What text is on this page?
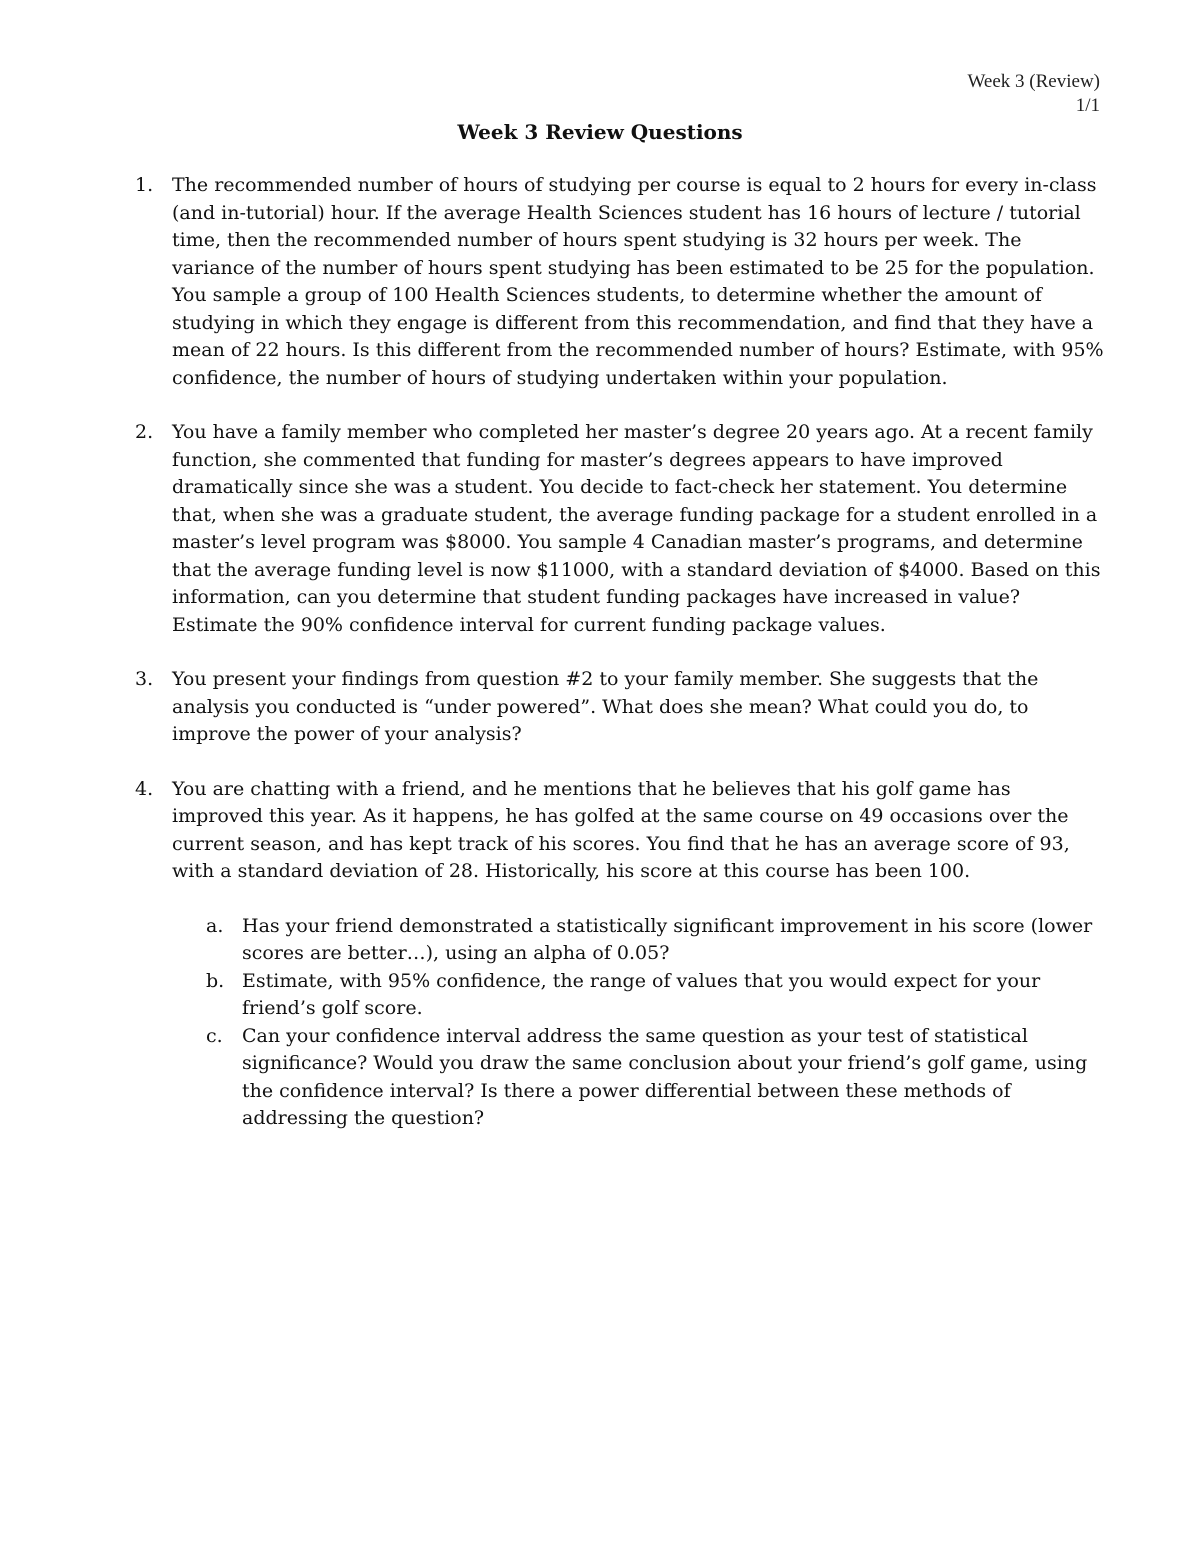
Week 3 (Review)
1/1
Week 3 Review Questions
1. The recommended number of hours of studying per course is equal to 2 hours for every in-class (and in-tutorial) hour. If the average Health Sciences student has 16 hours of lecture / tutorial time, then the recommended number of hours spent studying is 32 hours per week. The variance of the number of hours spent studying has been estimated to be 25 for the population. You sample a group of 100 Health Sciences students, to determine whether the amount of studying in which they engage is different from this recommendation, and find that they have a mean of 22 hours. Is this different from the recommended number of hours? Estimate, with 95% confidence, the number of hours of studying undertaken within your population.
2. You have a family member who completed her master’s degree 20 years ago. At a recent family function, she commented that funding for master’s degrees appears to have improved dramatically since she was a student. You decide to fact-check her statement. You determine that, when she was a graduate student, the average funding package for a student enrolled in a master’s level program was $8000. You sample 4 Canadian master’s programs, and determine that the average funding level is now $11000, with a standard deviation of $4000. Based on this information, can you determine that student funding packages have increased in value? Estimate the 90% confidence interval for current funding package values.
3. You present your findings from question #2 to your family member. She suggests that the analysis you conducted is “under powered”. What does she mean? What could you do, to improve the power of your analysis?
4. You are chatting with a friend, and he mentions that he believes that his golf game has improved this year. As it happens, he has golfed at the same course on 49 occasions over the current season, and has kept track of his scores. You find that he has an average score of 93, with a standard deviation of 28. Historically, his score at this course has been 100.
a. Has your friend demonstrated a statistically significant improvement in his score (lower scores are better…), using an alpha of 0.05?
b. Estimate, with 95% confidence, the range of values that you would expect for your friend’s golf score.
c. Can your confidence interval address the same question as your test of statistical significance? Would you draw the same conclusion about your friend’s golf game, using the confidence interval? Is there a power differential between these methods of addressing the question?
